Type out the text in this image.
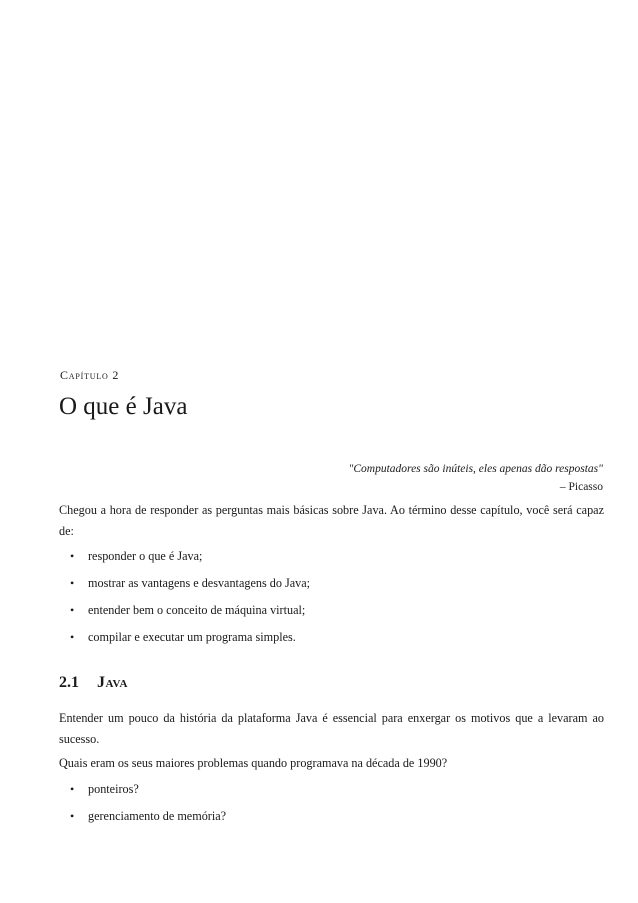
Capítulo 2
O que é Java
"Computadores são inúteis, eles apenas dão respostas"
– Picasso

Chegou a hora de responder as perguntas mais básicas sobre Java. Ao término desse capítulo, você será capaz de:

• responder o que é Java;
• mostrar as vantagens e desvantagens do Java;
• entender bem o conceito de máquina virtual;
• compilar e executar um programa simples.
2.1 Java

Entender um pouco da história da plataforma Java é essencial para enxergar os motivos que a levaram ao sucesso.

Quais eram os seus maiores problemas quando programava na década de 1990?

• ponteiros?
• gerenciamento de memória?
